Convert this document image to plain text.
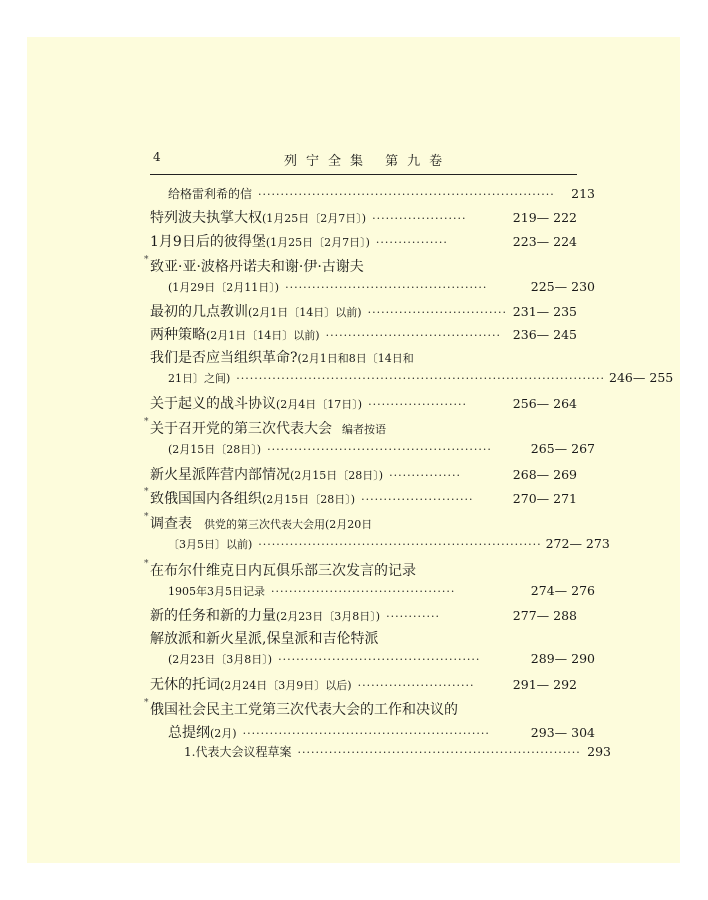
4	列宁全集 第九卷
给格雷利希的信 ··································································	213
特列波夫执掌大权 (1月25日〔2月7日〕) ·····················	219— 222
1月9日后的彼得堡 (1月25日〔2月7日〕) ················	223— 224
* 致亚·亚·波格丹诺夫和谢·伊·古谢夫
(1月29日〔2月11日〕) ·············································	225— 230
最初的几点教训 (2月1日〔14日〕以前) ······························· 231— 235
两种策略 (2月1日〔14日〕以前) ······································· 236— 245
我们是否应当组织革命? (2月1日和8日〔14日和
21日〕之间) ·················································································· 246— 255
关于起义的战斗协议 (2月4日〔17日〕) ······················	256— 264
* 关于召开党的第三次代表大会 编者按语
(2月15日〔28日〕) ··················································	265— 267
新火星派阵营内部情况 (2月15日〔28日〕) ················	268— 269
* 致俄国国内各组织 (2月15日〔28日〕) ·························	270— 271
* 调查表 供党的第三次代表大会用(2月20日
〔3月5日〕以前) ······························································· 272— 273
* 在布尔什维克日内瓦俱乐部三次发言的记录
1905年3月5日记录 ·········································	274— 276
新的任务和新的力量 (2月23日〔3月8日〕) ············	277— 288
解放派和新火星派,保皇派和吉伦特派
(2月23日〔3月8日〕) ·············································	289— 290
无休的托词 (2月24日〔3月9日〕以后) ··························	291— 292
* 俄国社会民主工党第三次代表大会的工作和决议的
总提纲 (2月) ·······················································	293— 304
1.代表大会议程草案 ······························································· 293
